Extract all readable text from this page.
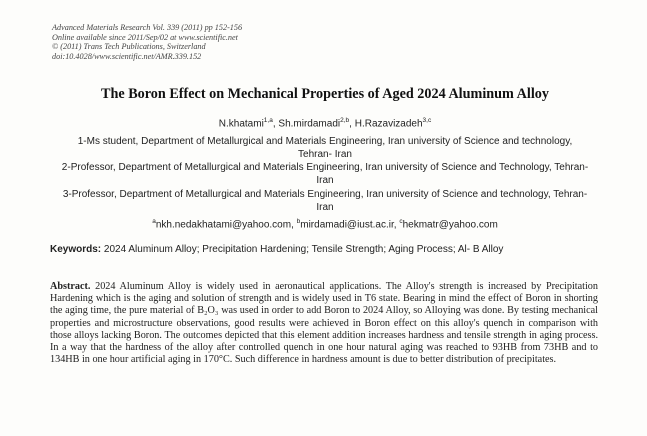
Advanced Materials Research Vol. 339 (2011) pp 152-156
Online available since 2011/Sep/02 at www.scientific.net
© (2011) Trans Tech Publications, Switzerland
doi:10.4028/www.scientific.net/AMR.339.152
The Boron Effect on Mechanical Properties of Aged 2024 Aluminum Alloy
N.khatami$^{1,a}$, Sh.mirdamadi$^{2,b}$, H.Razavizadeh$^{3,c}$
1-Ms student, Department of Metallurgical and Materials Engineering, Iran university of Science and technology, Tehran- Iran
2-Professor, Department of Metallurgical and Materials Engineering, Iran university of Science and Technology, Tehran- Iran
3-Professor, Department of Metallurgical and Materials Engineering, Iran university of Science and technology, Tehran- Iran
$^a$nkh.nedakhatami@yahoo.com, $^b$mirdamadi@iust.ac.ir, $^c$hekmatr@yahoo.com
Keywords: 2024 Aluminum Alloy; Precipitation Hardening; Tensile Strength; Aging Process; Al- B Alloy
Abstract. 2024 Aluminum Alloy is widely used in aeronautical applications. The Alloy's strength is increased by Precipitation Hardening which is the aging and solution of strength and is widely used in T6 state. Bearing in mind the effect of Boron in shorting the aging time, the pure material of B₂O₃ was used in order to add Boron to 2024 Alloy, so Alloying was done. By testing mechanical properties and microstructure observations, good results were achieved in Boron effect on this alloy's quench in comparison with those alloys lacking Boron. The outcomes depicted that this element addition increases hardness and tensile strength in aging process. In a way that the hardness of the alloy after controlled quench in one hour natural aging was reached to 93HB from 73HB and to 134HB in one hour artificial aging in 170°C. Such difference in hardness amount is due to better distribution of precipitates.
